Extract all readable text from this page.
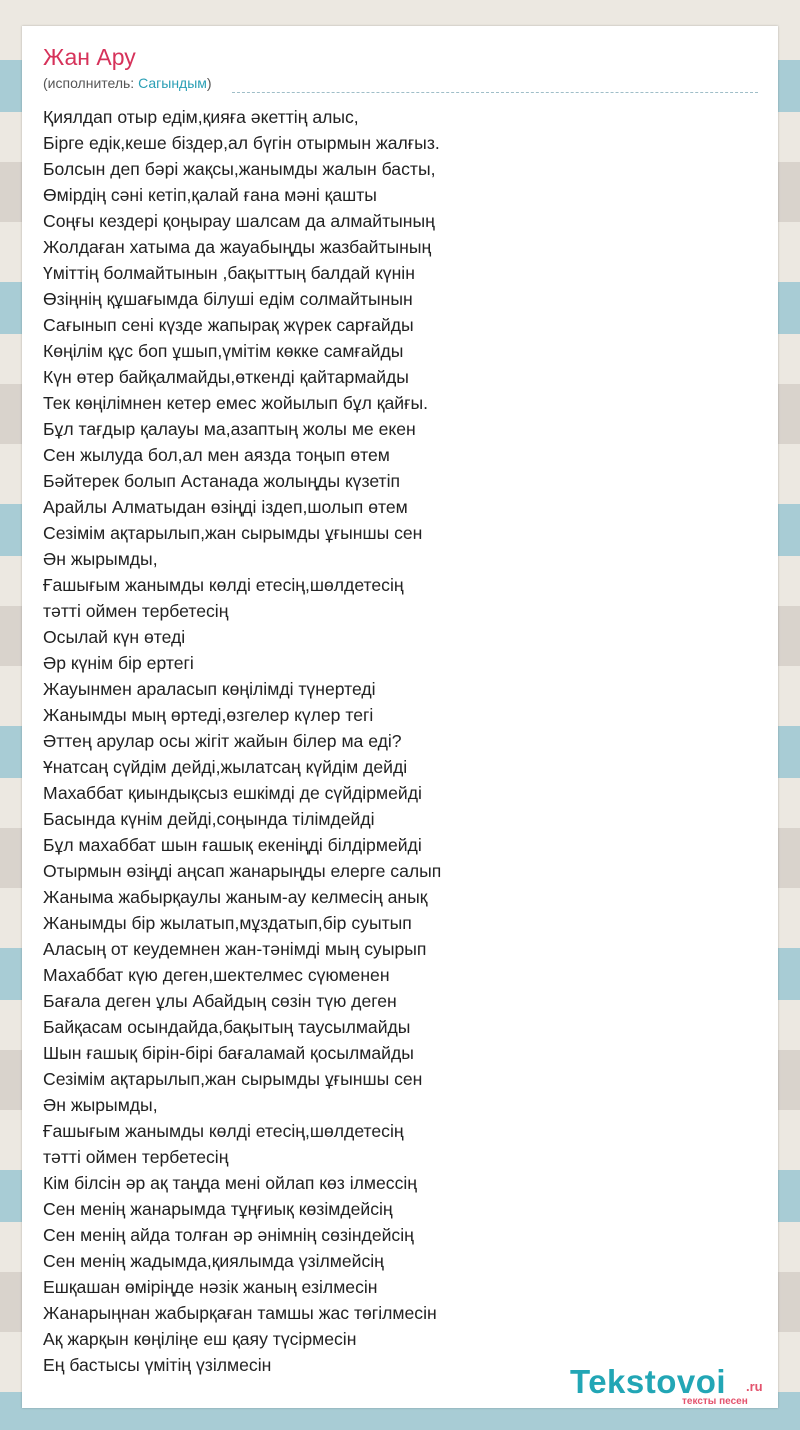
Жан Ару
(исполнитель: Сагындым)
Қиялдап отыр едім,қияға әкеттің алыс,
Бірге едік,кеше біздер,ал бүгін отырмын жалғыз.
Болсын деп бәрі жақсы,жанымды жалын басты,
Өмірдің сәні кетіп,қалай ғана мәні қашты
Соңғы кездері қоңырау шалсам да алмайтының
Жолдаған хатыма да жауабыңды жазбайтының
Үміттің болмайтынын ,бақыттың балдай күнін
Өзіңнің құшағымда білуші едім солмайтынын
Сағынып сені күзде жапырақ жүрек сарғайды
Көңілім құс боп ұшып,үмітім көкке самғайды
Күн өтер байқалмайды,өткенді қайтармайды
Тек көңілімнен кетер емес жойылып бұл қайғы.
Бұл тағдыр қалауы ма,азаптың жолы ме екен
Сен жылуда бол,ал мен аязда тоңып өтем
Бәйтерек болып Астанада жолыңды күзетіп
Арайлы Алматыдан өзіңді іздеп,шолып өтем
Сезімім ақтарылып,жан сырымды ұғыншы сен
Ән жырымды,
Ғашығым жанымды көлді етесің,шөлдетесің
тәтті оймен тербетесің
Осылай күн өтеді
Әр күнім бір ертегі
Жауынмен араласып көңілімді түнертеді
Жанымды мың өртеді,өзгелер күлер тегі
Әттең арулар осы жігіт жайын білер ма еді?
Ұнатсаң сүйдім дейді,жылатсаң күйдім дейді
Махаббат қиындықсыз ешкімді де сүйдірмейді
Басында күнім дейді,соңында тілімдейді
Бұл махаббат шын ғашық екеніңді білдірмейді
Отырмын өзіңді аңсап жанарыңды елерге салып
Жаныма жабырқаулы жаным-ау келмесің анық
Жанымды бір жылатып,мұздатып,бір суытып
Аласың от кеудемнен жан-тәнімді мың суырып
Махаббат күю деген,шектелмес сүюменен
Бағала деген ұлы Абайдың сөзін түю деген
Байқасам осындайда,бақытың таусылмайды
Шын ғашық бірін-бірі бағаламай қосылмайды
Сезімім ақтарылып,жан сырымды ұғыншы сен
Ән жырымды,
Ғашығым жанымды көлді етесің,шөлдетесің
тәтті оймен тербетесің
Кім білсін әр ақ таңда мені ойлап көз ілмессің
Сен менің жанарымда тұңғиық көзімдейсің
Сен менің айда толған әр әнімнің сөзіндейсің
Сен менің жадымда,қиялымда үзілмейсің
Ешқашан өміріңде нәзік жаның езілмесін
Жанарыңнан жабырқаған тамшы жас төгілмесін
Ақ жарқын көңіліңе еш қаяу түсірмесін
Ең бастысы үмітің үзілмесін	Tekstovoi .ru
тексты песен
